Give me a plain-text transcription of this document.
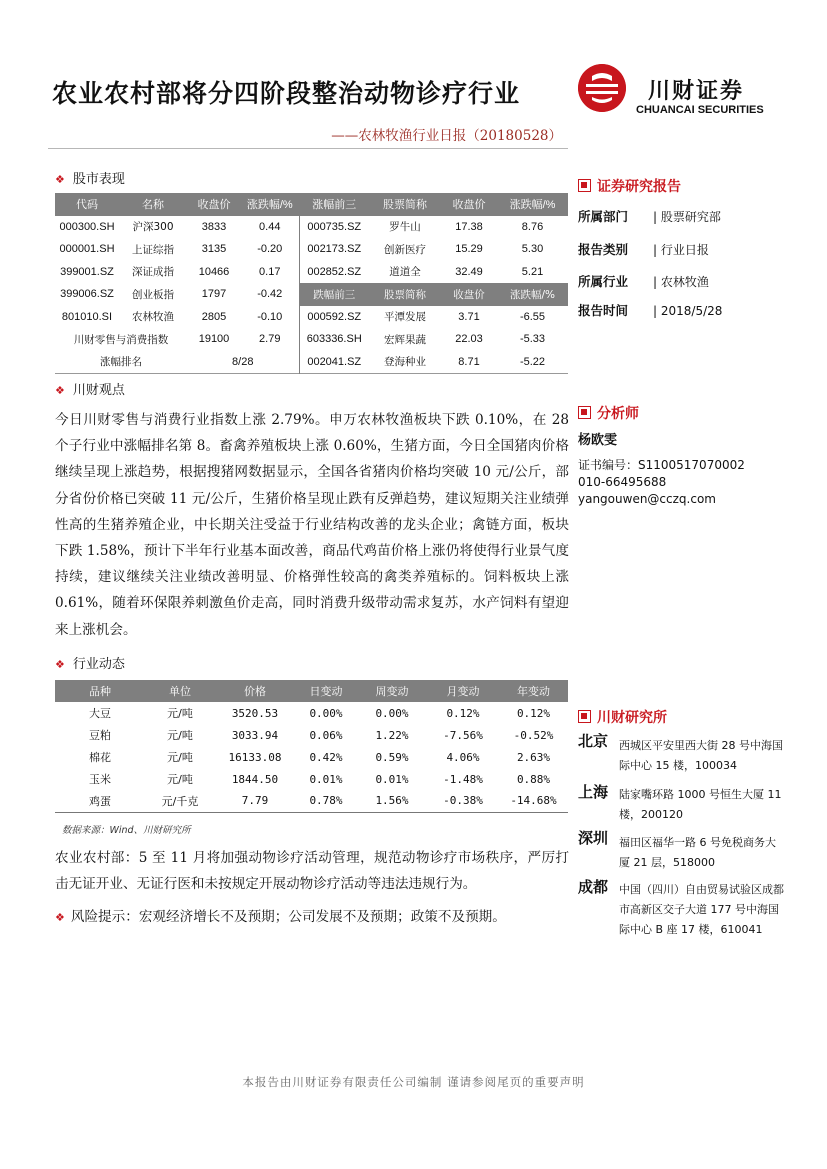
农业农村部将分四阶段整治动物诊疗行业
——农林牧渔行业日报（20180528）
川财证券
CHUANCAI SECURITIES
❖ 股市表现
代码	名称	收盘价	涨跌幅/%	涨幅前三	股票简称	收盘价	涨跌幅/%
000300.SH	沪深300	3833	0.44	000735.SZ	罗牛山	17.38	8.76
000001.SH	上证综指	3135	-0.20	002173.SZ	创新医疗	15.29	5.30
399001.SZ	深证成指	10466	0.17	002852.SZ	道道全	32.49	5.21
399006.SZ	创业板指	1797	-0.42	跌幅前三	股票简称	收盘价	涨跌幅/%
801010.SI	农林牧渔	2805	-0.10	000592.SZ	平潭发展	3.71	-6.55
川财零售与消费指数		19100	2.79	603336.SH	宏辉果蔬	22.03	-5.33
涨幅排名		8/28		002041.SZ	登海种业	8.71	-5.22
❖ 川财观点
今日川财零售与消费行业指数上涨 2.79%。申万农林牧渔板块下跌 0.10%，在 28 个子行业中涨幅排名第 8。畜禽养殖板块上涨 0.60%，生猪方面，今日全国猪肉价格继续呈现上涨趋势，根据搜猪网数据显示，全国各省猪肉价格均突破 10 元/公斤，部分省份价格已突破 11 元/公斤，生猪价格呈现止跌有反弹趋势，建议短期关注业绩弹性高的生猪养殖企业，中长期关注受益于行业结构改善的龙头企业；禽链方面，板块下跌 1.58%，预计下半年行业基本面改善，商品代鸡苗价格上涨仍将使得行业景气度持续，建议继续关注业绩改善明显、价格弹性较高的禽类养殖标的。饲料板块上涨 0.61%，随着环保限养刺激鱼价走高，同时消费升级带动需求复苏，水产饲料有望迎来上涨机会。
❖ 行业动态
品种	单位	价格	日变动	周变动	月变动	年变动
大豆	元/吨	3520.53	0.00%	0.00%	0.12%	0.12%
豆粕	元/吨	3033.94	0.06%	1.22%	-7.56%	-0.52%
棉花	元/吨	16133.08	0.42%	0.59%	4.06%	2.63%
玉米	元/吨	1844.50	0.01%	0.01%	-1.48%	0.88%
鸡蛋	元/千克	7.79	0.78%	1.56%	-0.38%	-14.68%
数据来源：Wind、川财研究所
农业农村部：5 至 11 月将加强动物诊疗活动管理，规范动物诊疗市场秩序，严厉打击无证开业、无证行医和未按规定开展动物诊疗活动等违法违规行为。
❖ 风险提示：宏观经济增长不及预期；公司发展不及预期；政策不及预期。
证券研究报告
所属部门 | 股票研究部
报告类别 | 行业日报
所属行业 | 农林牧渔
报告时间 | 2018/5/28
分析师
杨欧雯
证书编号：S1100517070002
010-66495688
yangouwen@cczq.com
川财研究所
北京 西城区平安里西大街 28 号中海国际中心 15 楼，100034
上海 陆家嘴环路 1000 号恒生大厦 11 楼，200120
深圳 福田区福华一路 6 号免税商务大厦 21 层，518000
成都 中国（四川）自由贸易试验区成都市高新区交子大道 177 号中海国际中心 B 座 17 楼，610041
本报告由川财证券有限责任公司编制 谨请参阅尾页的重要声明
